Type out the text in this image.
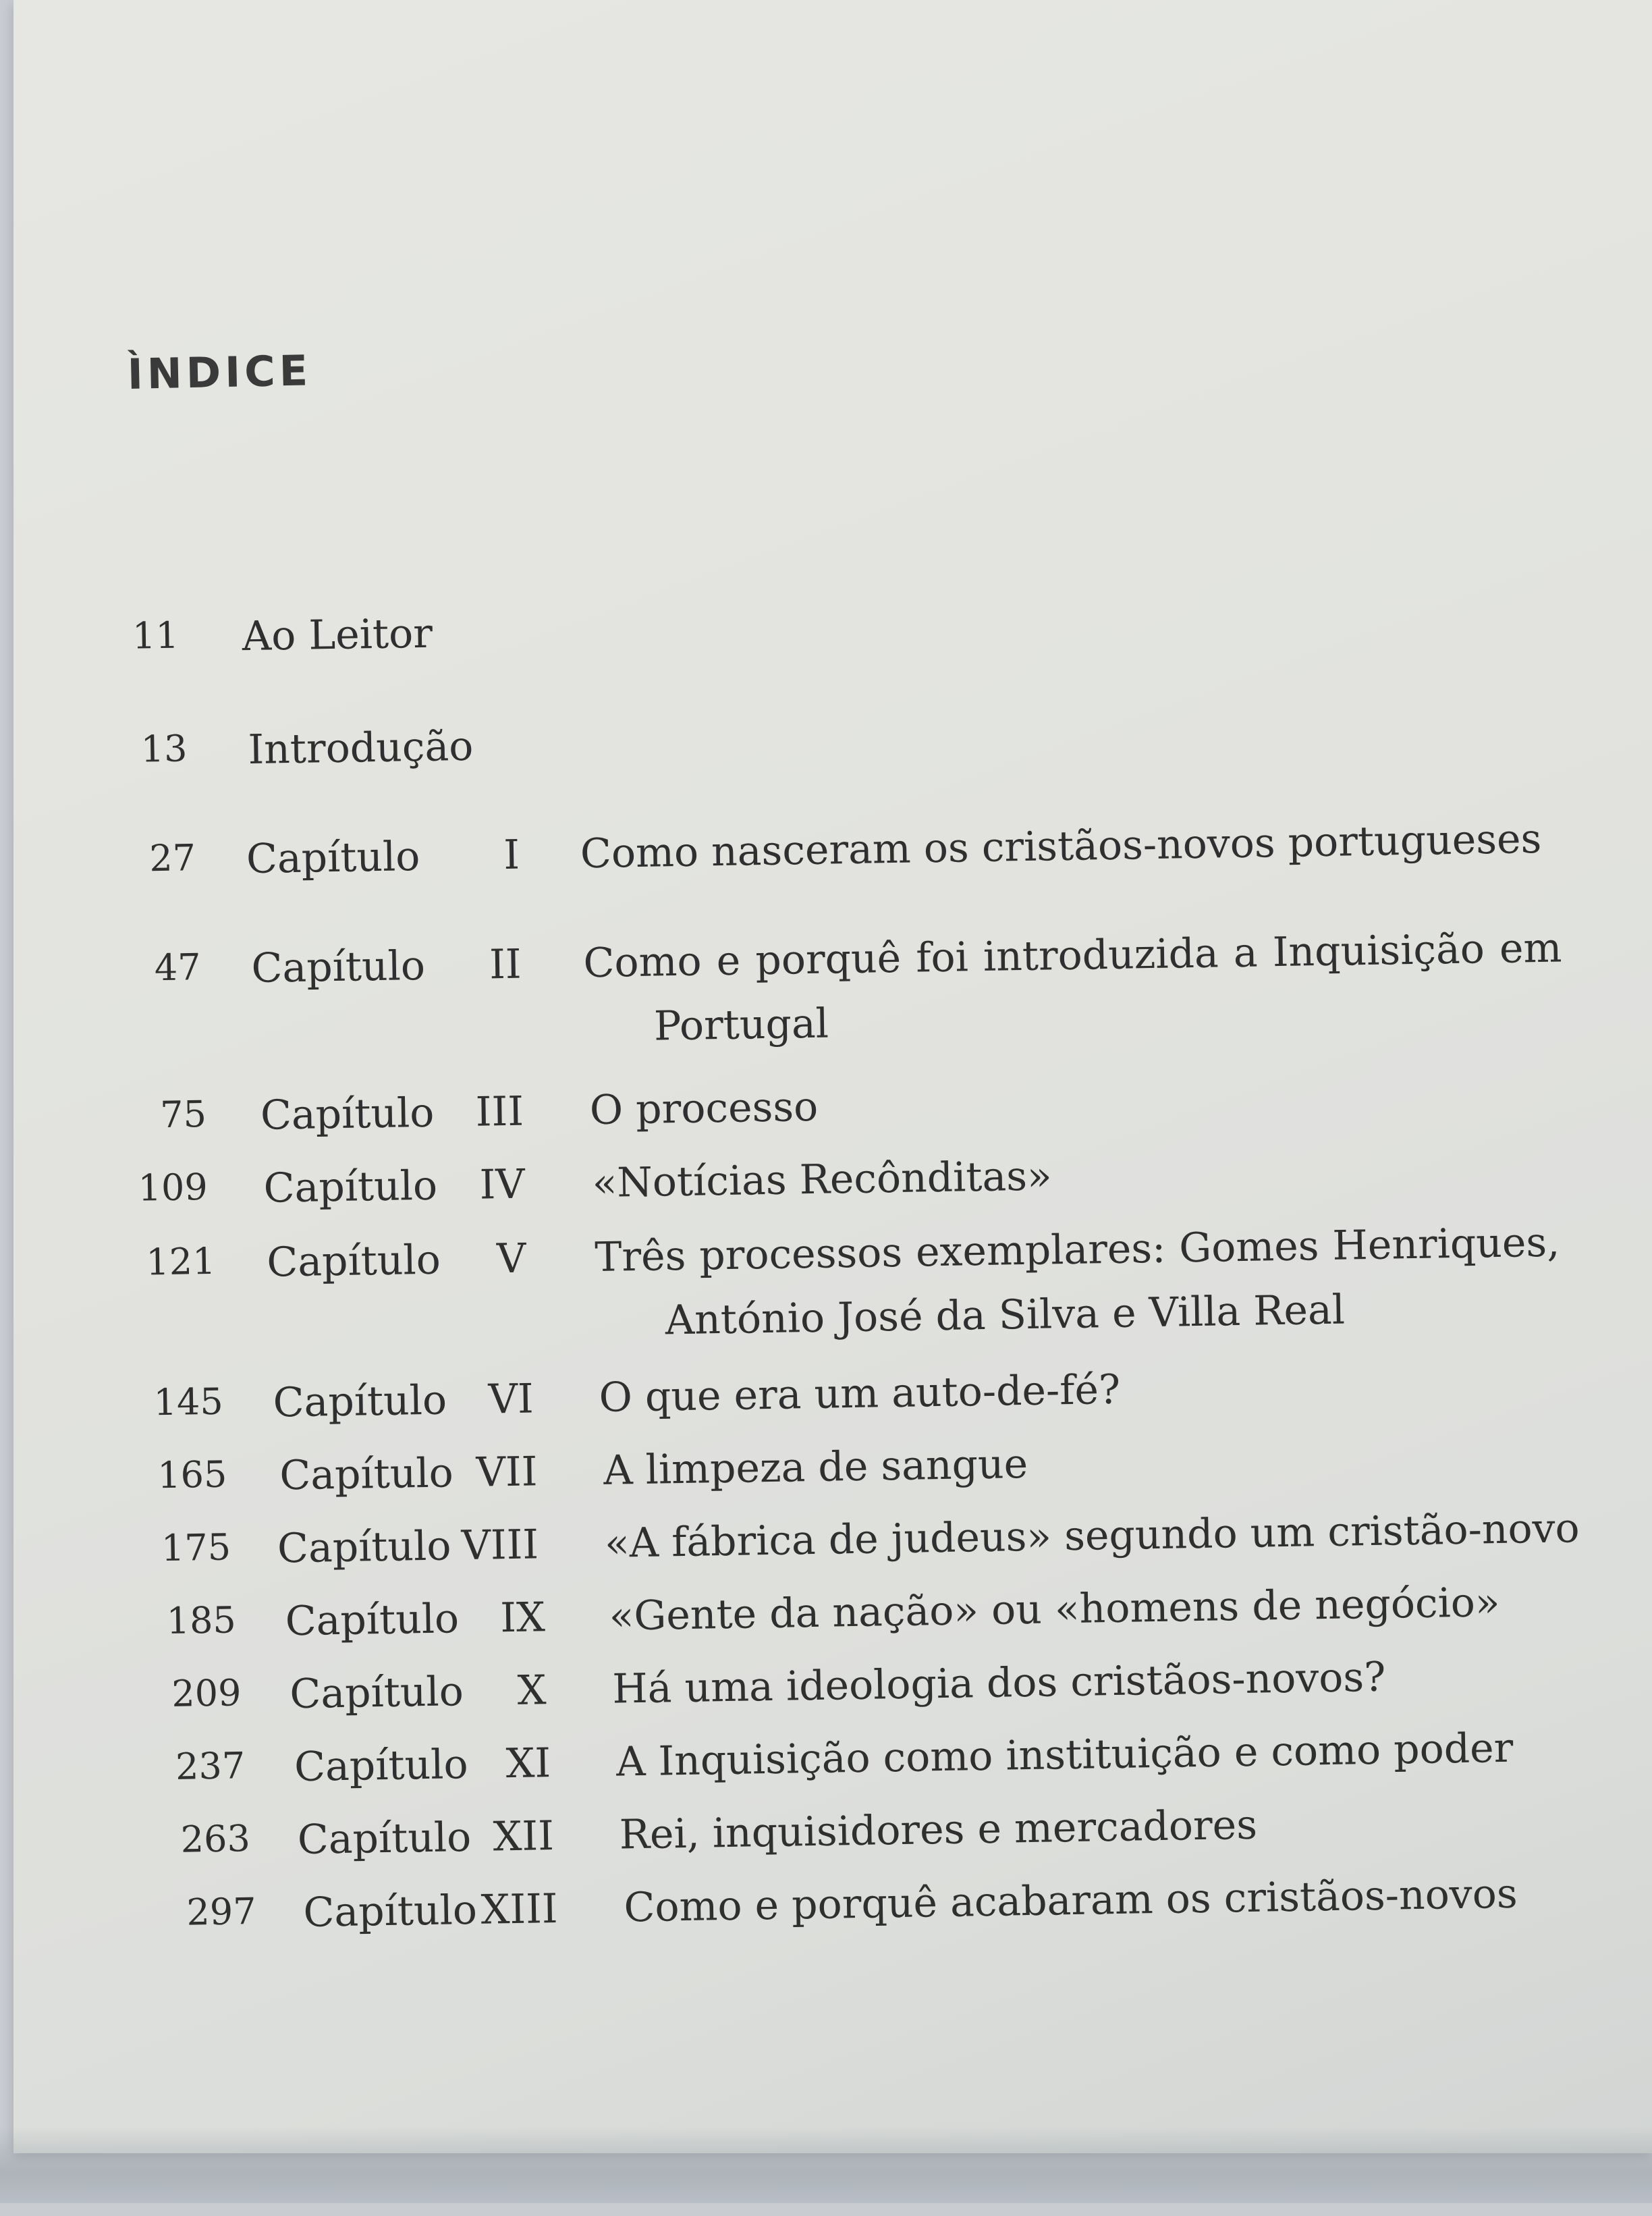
ÌNDICE
11 Ao Leitor
13 Introdução
27 Capítulo	I Como nasceram os cristãos-novos portugueses
47 Capítulo	II Como e porquê foi introduzida a Inquisição em
Portugal
75 Capítulo	III O processo
109 Capítulo	IV «Notícias Recônditas»
121 Capítulo	V Três processos exemplares: Gomes Henriques,
António José da Silva e Villa Real
145 Capítulo	VI O que era um auto-de-fé?
165 Capítulo VII A limpeza de sangue
175 Capítulo VIII «A fábrica de judeus» segundo um cristão-novo
185 Capítulo	IX «Gente da nação» ou «homens de negócio»
209 Capítulo	X Há uma ideologia dos cristãos-novos?
237 Capítulo XI A Inquisição como instituição e como poder
263 Capítulo XII Rei, inquisidores e mercadores
297 Capítulo XIII Como e porquê acabaram os cristãos-novos
